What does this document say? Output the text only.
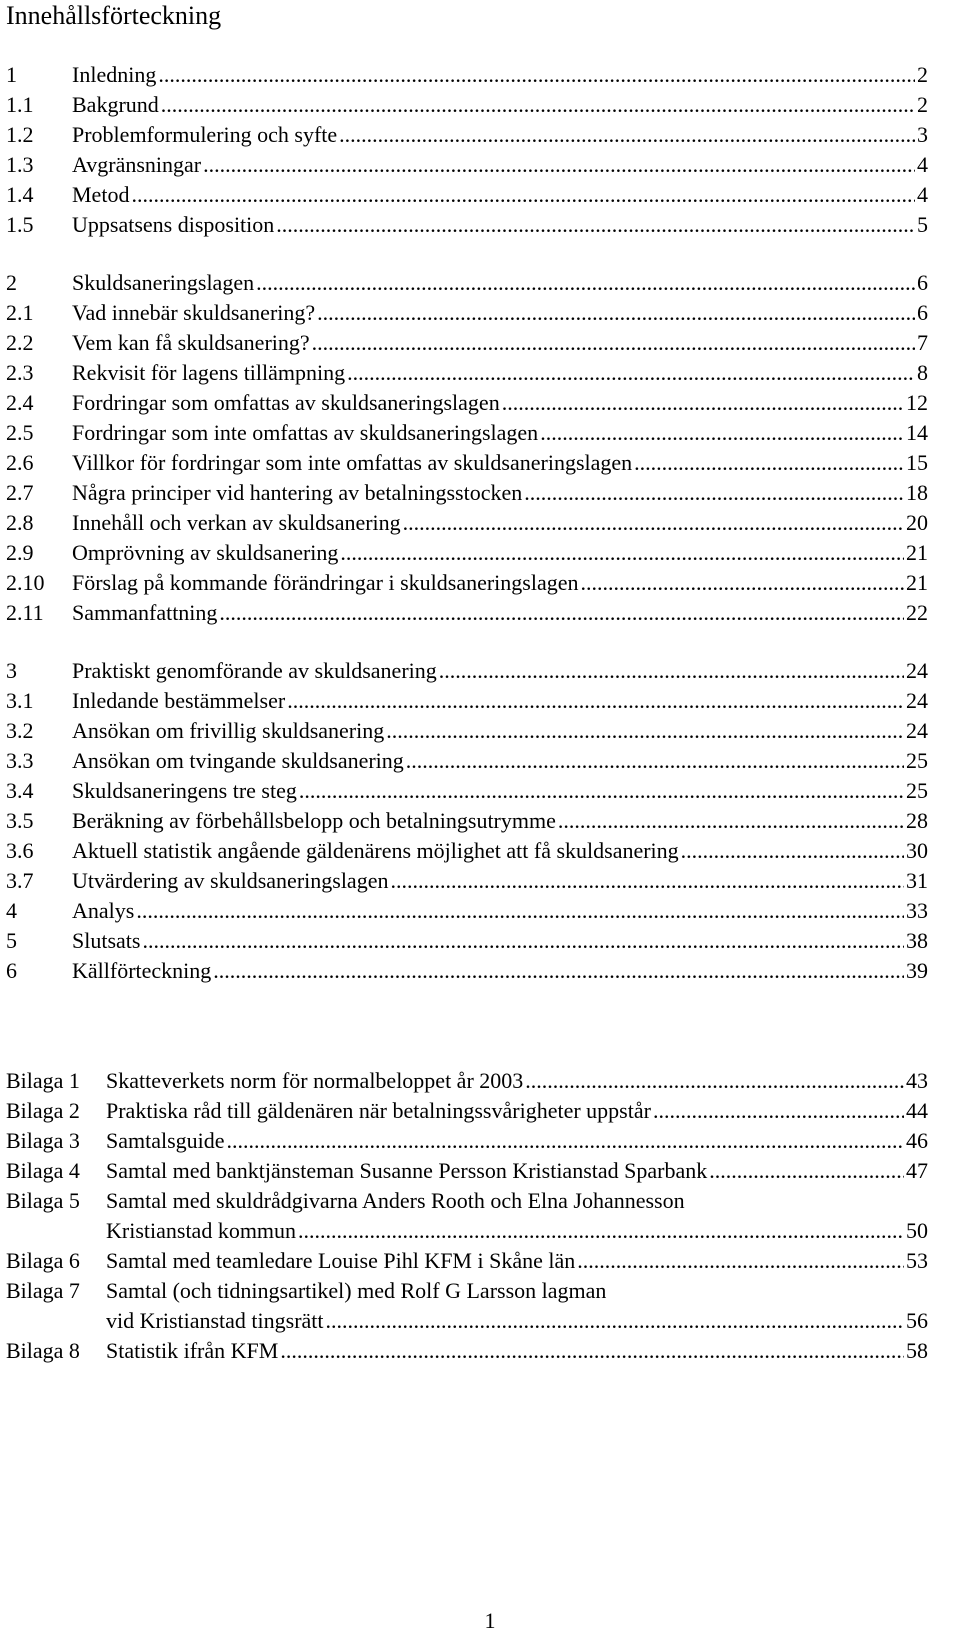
Innehållsförteckning
1	Inledning .....	2
1.1	Bakgrund .....	2
1.2	Problemformulering och syfte .....	3
1.3	Avgränsningar .....	4
1.4	Metod .....	4
1.5	Uppsatsens disposition .....	5
2	Skuldsaneringslagen .....	6
2.1	Vad innebär skuldsanering? .....	6
2.2	Vem kan få skuldsanering? .....	7
2.3	Rekvisit för lagens tillämpning .....	8
2.4	Fordringar som omfattas av skuldsaneringslagen .....	12
2.5	Fordringar som inte omfattas av skuldsaneringslagen .....	14
2.6	Villkor för fordringar som inte omfattas av skuldsaneringslagen .....	15
2.7	Några principer vid hantering av betalningsstocken .....	18
2.8	Innehåll och verkan av skuldsanering .....	20
2.9	Omprövning av skuldsanering .....	21
2.10	Förslag på kommande förändringar i skuldsaneringslagen .....	21
2.11	Sammanfattning .....	22
3	Praktiskt genomförande av skuldsanering .....	24
3.1	Inledande bestämmelser .....	24
3.2	Ansökan om frivillig skuldsanering .....	24
3.3	Ansökan om tvingande skuldsanering .....	25
3.4	Skuldsaneringens tre steg .....	25
3.5	Beräkning av förbehållsbelopp och betalningsutrymme .....	28
3.6	Aktuell statistik angående gäldenärens möjlighet att få skuldsanering .....	30
3.7	Utvärdering av skuldsaneringslagen .....	31
4	Analys .....	33
5	Slutsats .....	38
6	Källförteckning .....	39
Bilaga 1	Skatteverkets norm för normalbeloppet år 2003 .....	43
Bilaga 2	Praktiska råd till gäldenären när betalningssvårigheter uppstår .....	44
Bilaga 3	Samtalsguide .....	46
Bilaga 4	Samtal med banktjänsteman Susanne Persson Kristianstad Sparbank .....	47
Bilaga 5 Samtal med skuldrådgivarna Anders Rooth och Elna Johannesson
Kristianstad kommun .....	50
Bilaga 6	Samtal med teamledare Louise Pihl KFM i Skåne län .....	53
Bilaga 7 Samtal (och tidningsartikel) med Rolf G Larsson lagman
vid Kristianstad tingsrätt .....	56
Bilaga 8	Statistik ifrån KFM .....	58
1
